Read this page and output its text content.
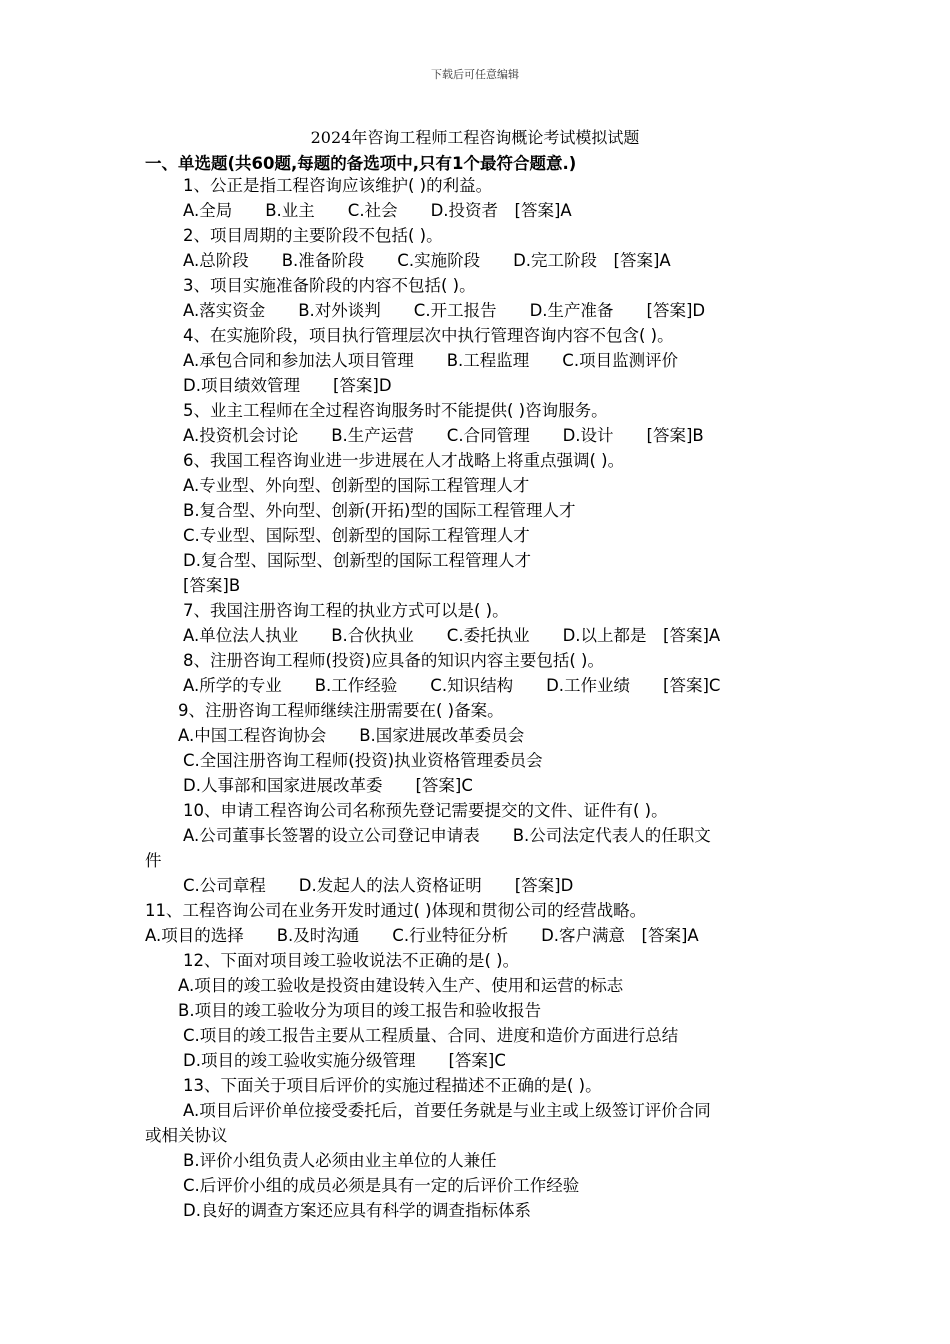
下载后可任意编辑
2024年咨询工程师工程咨询概论考试模拟试题
一、单选题(共60题,每题的备选项中,只有1个最符合题意.)
1、公正是指工程咨询应该维护( )的利益。
A.全局　　B.业主　　C.社会　　D.投资者　[答案]A
2、项目周期的主要阶段不包括( )。
A.总阶段　　B.准备阶段　　C.实施阶段　　D.完工阶段　[答案]A
3、项目实施准备阶段的内容不包括( )。
A.落实资金　　B.对外谈判　　C.开工报告　　D.生产准备　　[答案]D
4、在实施阶段，项目执行管理层次中执行管理咨询内容不包含( )。
A.承包合同和参加法人项目管理　　B.工程监理　　C.项目监测评价
D.项目绩效管理　　[答案]D
5、业主工程师在全过程咨询服务时不能提供( )咨询服务。
A.投资机会讨论　　B.生产运营　　C.合同管理　　D.设计　　[答案]B
6、我国工程咨询业进一步进展在人才战略上将重点强调( )。
A.专业型、外向型、创新型的国际工程管理人才
B.复合型、外向型、创新(开拓)型的国际工程管理人才
C.专业型、国际型、创新型的国际工程管理人才
D.复合型、国际型、创新型的国际工程管理人才
[答案]B
7、我国注册咨询工程的执业方式可以是( )。
A.单位法人执业　　B.合伙执业　　C.委托执业　　D.以上都是　[答案]A
8、注册咨询工程师(投资)应具备的知识内容主要包括( )。
A.所学的专业　　B.工作经验　　C.知识结构　　D.工作业绩　　[答案]C
9、注册咨询工程师继续注册需要在( )备案。
A.中国工程咨询协会　　B.国家进展改革委员会
C.全国注册咨询工程师(投资)执业资格管理委员会
D.人事部和国家进展改革委　　[答案]C
10、申请工程咨询公司名称预先登记需要提交的文件、证件有( )。
A.公司董事长签署的设立公司登记申请表　　B.公司法定代表人的任职文
件
C.公司章程　　D.发起人的法人资格证明　　[答案]D
11、工程咨询公司在业务开发时通过( )体现和贯彻公司的经营战略。
A.项目的选择　　B.及时沟通　　C.行业特征分析　　D.客户满意　[答案]A
12、下面对项目竣工验收说法不正确的是( )。
A.项目的竣工验收是投资由建设转入生产、使用和运营的标志
B.项目的竣工验收分为项目的竣工报告和验收报告
C.项目的竣工报告主要从工程质量、合同、进度和造价方面进行总结
D.项目的竣工验收实施分级管理　　[答案]C
13、下面关于项目后评价的实施过程描述不正确的是( )。
A.项目后评价单位接受委托后，首要任务就是与业主或上级签订评价合同
或相关协议
B.评价小组负责人必须由业主单位的人兼任
C.后评价小组的成员必须是具有一定的后评价工作经验
D.良好的调查方案还应具有科学的调查指标体系
